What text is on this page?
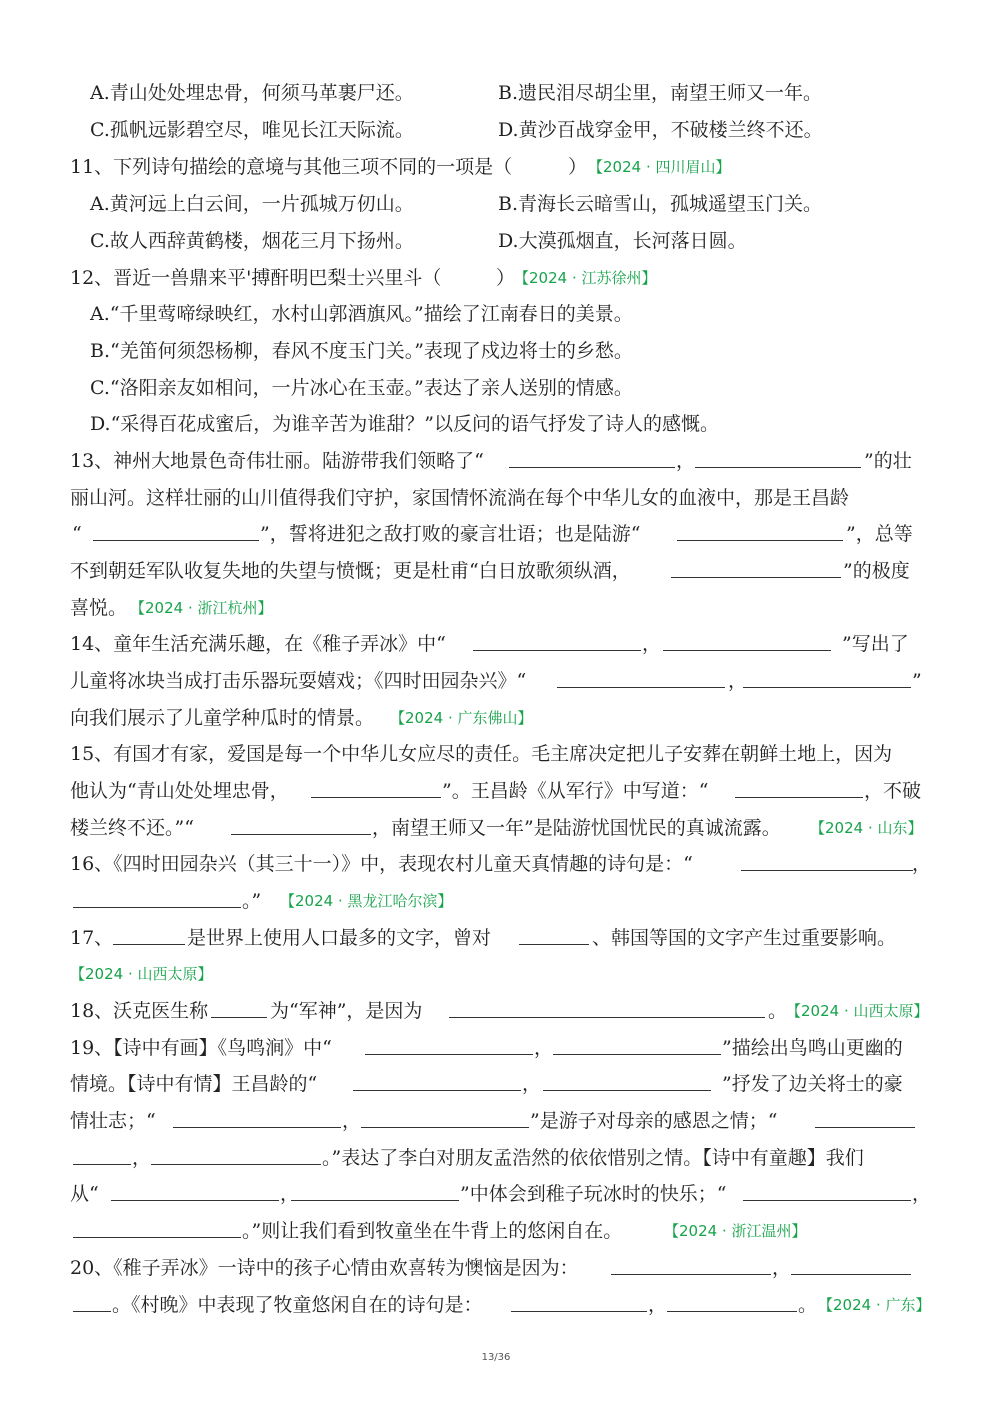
A.青山处处埋忠骨，何须马革裹尸还。	B.遗民泪尽胡尘里，南望王师又一年。
C.孤帆远影碧空尽，唯见长江天际流。	D.黄沙百战穿金甲，不破楼兰终不还。
11、下列诗句描绘的意境与其他三项不同的一项是（	） 【2024 · 四川眉山】
A.黄河远上白云间，一片孤城万仞山。	B.青海长云暗雪山，孤城遥望玉门关。
C.故人西辞黄鹤楼，烟花三月下扬州。	D.大漠孤烟直，长河落日圆。
12、晋近一兽鼎来平'搏酐明巴梨士兴里斗（	）
【2024 · 江苏徐州】
A.“千里莺啼绿映红，水村山郭酒旗风。”描绘了江南春日的美景。
B.“羌笛何须怨杨柳，春风不度玉门关。”表现了戍边将士的乡愁。
C.“洛阳亲友如相问，一片冰心在玉壶。”表达了亲人送别的情感。
D.“采得百花成蜜后，为谁辛苦为谁甜？”以反问的语气抒发了诗人的感慨。
13、神州大地景色奇伟壮丽。陆游带我们领略了“	，	”的壮
丽山河。这样壮丽的山川值得我们守护，家国情怀流淌在每个中华儿女的血液中，那是王昌龄
“	”，誓将进犯之敌打败的豪言壮语；也是陆游“	”，总等
不到朝廷军队收复失地的失望与愤慨；更是杜甫“白日放歌须纵酒，	”的极度
喜悦。 【2024 · 浙江杭州】
14、童年生活充满乐趣，在《稚子弄冰》中“	，	”写出了
儿童将冰块当成打击乐器玩耍嬉戏；《四时田园杂兴》“	，	”
向我们展示了儿童学种瓜时的情景。 【2024 · 广东佛山】
15、有国才有家，爱国是每一个中华儿女应尽的责任。毛主席决定把儿子安葬在朝鲜土地上，因为
他认为“青山处处埋忠骨，	”。王昌龄《从军行》中写道：“	，不破
楼兰终不还。”“	，南望王师又一年”是陆游忧国忧民的真诚流露。 【2024 · 山东】
16、《四时田园杂兴（其三十一）》中，表现农村儿童天真情趣的诗句是：“	，
。” 【2024 · 黑龙江哈尔滨】
17、	是世界上使用人口最多的文字，曾对	、韩国等国的文字产生过重要影响。
【2024 · 山西太原】
18、沃克医生称	为“军神”，是因为	。
【2024 · 山西太原】
19、【诗中有画】《鸟鸣涧》中“	，	”描绘出鸟鸣山更幽的
情境。【诗中有情】王昌龄的“	，	”抒发了边关将士的豪
情壮志；“	，	”是游子对母亲的感恩之情；“
，	。”表达了李白对朋友孟浩然的依依惜别之情。【诗中有童趣】我们
从“	，	”中体会到稚子玩冰时的快乐；“	，
。”则让我们看到牧童坐在牛背上的悠闲自在。	【2024 · 浙江温州】
20、《稚子弄冰》一诗中的孩子心情由欢喜转为懊恼是因为：	，
。《村晚》中表现了牧童悠闲自在的诗句是：	，	。 【2024 · 广东】
13/36
